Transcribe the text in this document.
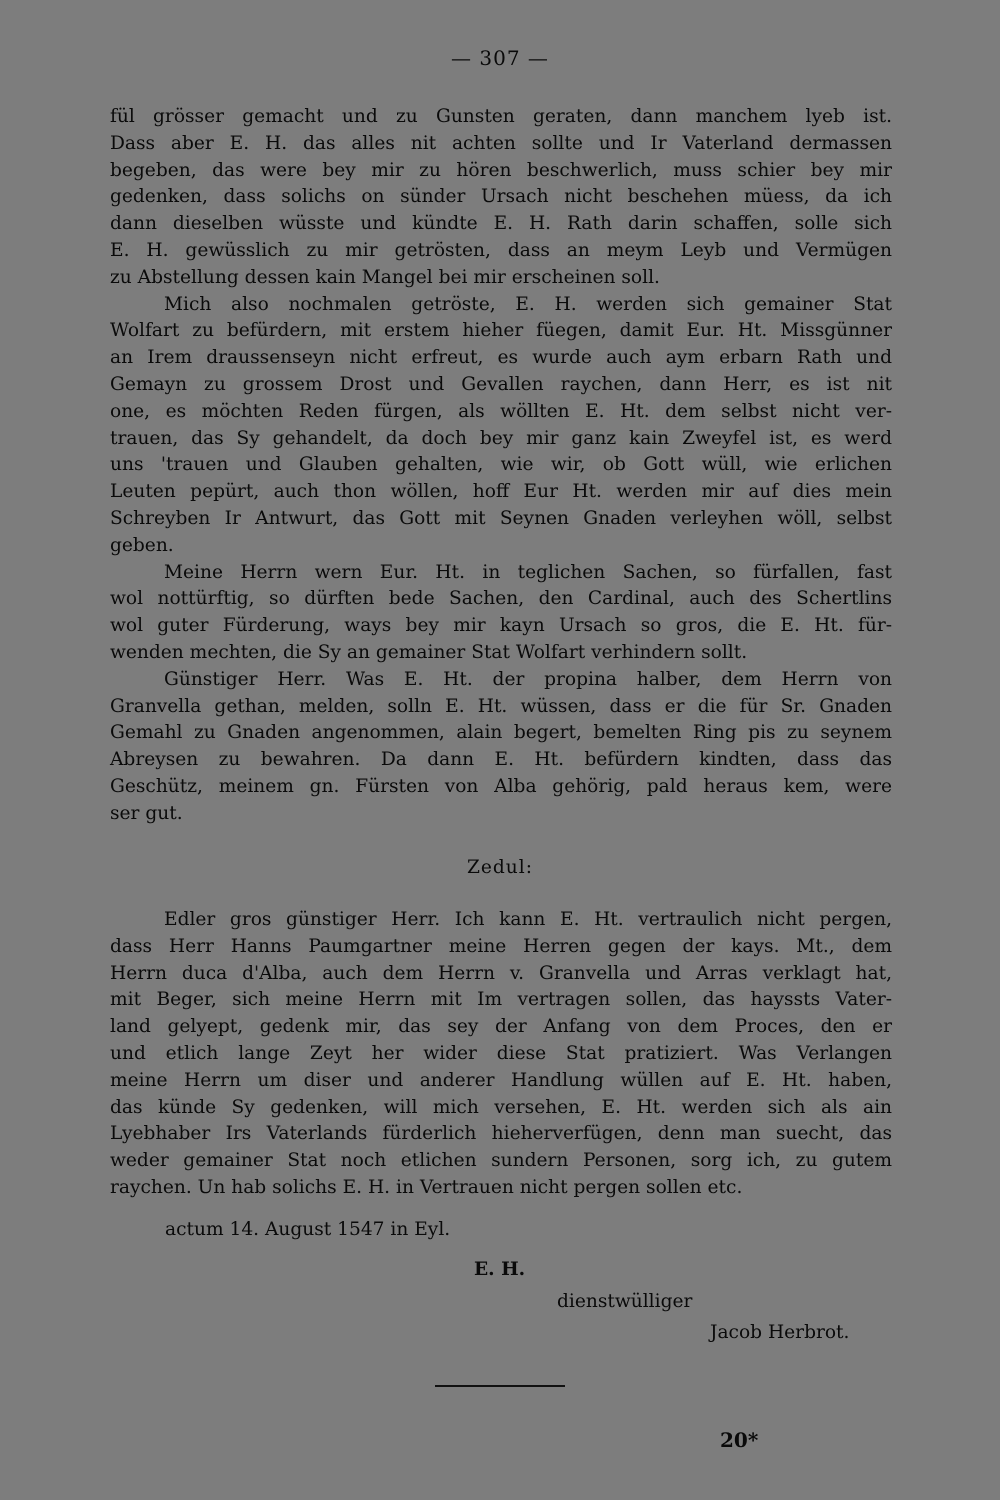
— 307 —
fül grösser gemacht und zu Gunsten geraten, dann manchem lyeb ist.
Dass aber E. H. das alles nit achten sollte und Ir Vaterland dermassen
begeben, das were bey mir zu hören beschwerlich, muss schier bey mir
gedenken, dass solichs on sünder Ursach nicht beschehen müess, da ich
dann dieselben wüsste und kündte E. H. Rath darin schaffen, solle sich
E. H. gewüsslich zu mir getrösten, dass an meym Leyb und Vermügen
zu Abstellung dessen kain Mangel bei mir erscheinen soll.
Mich also nochmalen getröste, E. H. werden sich gemainer Stat
Wolfart zu befürdern, mit erstem hieher füegen, damit Eur. Ht. Missgünner
an Irem draussenseyn nicht erfreut, es wurde auch aym erbarn Rath und
Gemayn zu grossem Drost und Gevallen raychen, dann Herr, es ist nit
one, es möchten Reden fürgen, als wöllten E. Ht. dem selbst nicht ver-
trauen, das Sy gehandelt, da doch bey mir ganz kain Zweyfel ist, es werd
uns 'trauen und Glauben gehalten, wie wir, ob Gott wüll, wie erlichen
Leuten pepürt, auch thon wöllen, hoff Eur Ht. werden mir auf dies mein
Schreyben Ir Antwurt, das Gott mit Seynen Gnaden verleyhen wöll, selbst
geben.
Meine Herrn wern Eur. Ht. in teglichen Sachen, so fürfallen, fast
wol nottürftig, so dürften bede Sachen, den Cardinal, auch des Schertlins
wol guter Fürderung, ways bey mir kayn Ursach so gros, die E. Ht. für-
wenden mechten, die Sy an gemainer Stat Wolfart verhindern sollt.
Günstiger Herr. Was E. Ht. der propina halber, dem Herrn von
Granvella gethan, melden, solln E. Ht. wüssen, dass er die für Sr. Gnaden
Gemahl zu Gnaden angenommen, alain begert, bemelten Ring pis zu seynem
Abreysen zu bewahren. Da dann E. Ht. befürdern kindten, dass das
Geschütz, meinem gn. Fürsten von Alba gehörig, pald heraus kem, were
ser gut.
Zedul:
Edler gros günstiger Herr. Ich kann E. Ht. vertraulich nicht pergen,
dass Herr Hanns Paumgartner meine Herren gegen der kays. Mt., dem
Herrn duca d'Alba, auch dem Herrn v. Granvella und Arras verklagt hat,
mit Beger, sich meine Herrn mit Im vertragen sollen, das hayssts Vater-
land gelyept, gedenk mir, das sey der Anfang von dem Proces, den er
und etlich lange Zeyt her wider diese Stat pratiziert. Was Verlangen
meine Herrn um diser und anderer Handlung wüllen auf E. Ht. haben,
das künde Sy gedenken, will mich versehen, E. Ht. werden sich als ain
Lyebhaber Irs Vaterlands fürderlich hieherverfügen, denn man suecht, das
weder gemainer Stat noch etlichen sundern Personen, sorg ich, zu gutem
raychen. Un hab solichs E. H. in Vertrauen nicht pergen sollen etc.
actum 14. August 1547 in Eyl.
E. H.
dienstwülliger
Jacob Herbrot.
20*
